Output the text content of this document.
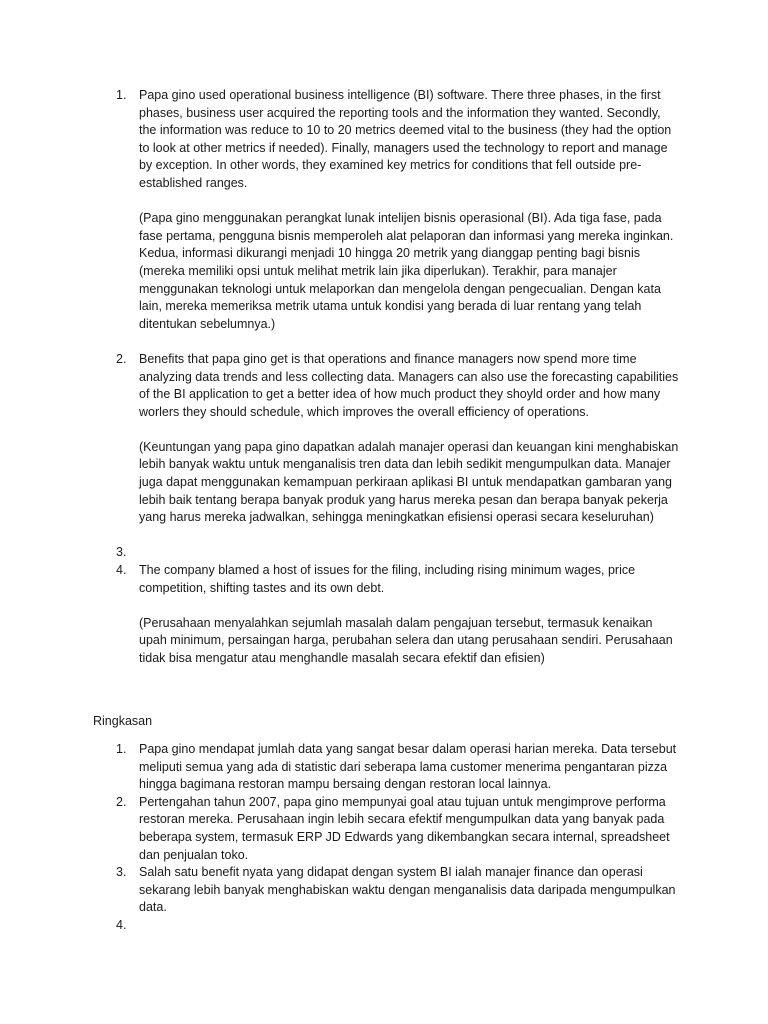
1. Papa gino used operational business intelligence (BI) software. There three phases, in the first phases, business user acquired the reporting tools and the information they wanted. Secondly, the information was reduce to 10 to 20 metrics deemed vital to the business (they had the option to look at other metrics if needed). Finally, managers used the technology to report and manage by exception. In other words, they examined key metrics for conditions that fell outside pre-established ranges.

(Papa gino menggunakan perangkat lunak intelijen bisnis operasional (BI). Ada tiga fase, pada fase pertama, pengguna bisnis memperoleh alat pelaporan dan informasi yang mereka inginkan. Kedua, informasi dikurangi menjadi 10 hingga 20 metrik yang dianggap penting bagi bisnis (mereka memiliki opsi untuk melihat metrik lain jika diperlukan). Terakhir, para manajer menggunakan teknologi untuk melaporkan dan mengelola dengan pengecualian. Dengan kata lain, mereka memeriksa metrik utama untuk kondisi yang berada di luar rentang yang telah ditentukan sebelumnya.)

2. Benefits that papa gino get is that operations and finance managers now spend more time analyzing data trends and less collecting data. Managers can also use the forecasting capabilities of the BI application to get a better idea of how much product they shoyld order and how many worlers they should schedule, which improves the overall efficiency of operations.

(Keuntungan yang papa gino dapatkan adalah manajer operasi dan keuangan kini menghabiskan lebih banyak waktu untuk menganalisis tren data dan lebih sedikit mengumpulkan data. Manajer juga dapat menggunakan kemampuan perkiraan aplikasi BI untuk mendapatkan gambaran yang lebih baik tentang berapa banyak produk yang harus mereka pesan dan berapa banyak pekerja yang harus mereka jadwalkan, sehingga meningkatkan efisiensi operasi secara keseluruhan)

3.
4. The company blamed a host of issues for the filing, including rising minimum wages, price competition, shifting tastes and its own debt.

(Perusahaan menyalahkan sejumlah masalah dalam pengajuan tersebut, termasuk kenaikan upah minimum, persaingan harga, perubahan selera dan utang perusahaan sendiri. Perusahaan tidak bisa mengatur atau menghandle masalah secara efektif dan efisien)

Ringkasan

1. Papa gino mendapat jumlah data yang sangat besar dalam operasi harian mereka. Data tersebut meliputi semua yang ada di statistic dari seberapa lama customer menerima pengantaran pizza hingga bagimana restoran mampu bersaing dengan restoran local lainnya.

2. Pertengahan tahun 2007, papa gino mempunyai goal atau tujuan untuk mengimprove performa restoran mereka. Perusahaan ingin lebih secara efektif mengumpulkan data yang banyak pada beberapa system, termasuk ERP JD Edwards yang dikembangkan secara internal, spreadsheet dan penjualan toko.

3. Salah satu benefit nyata yang didapat dengan system BI ialah manajer finance dan operasi sekarang lebih banyak menghabiskan waktu dengan menganalisis data daripada mengumpulkan data.

4.
